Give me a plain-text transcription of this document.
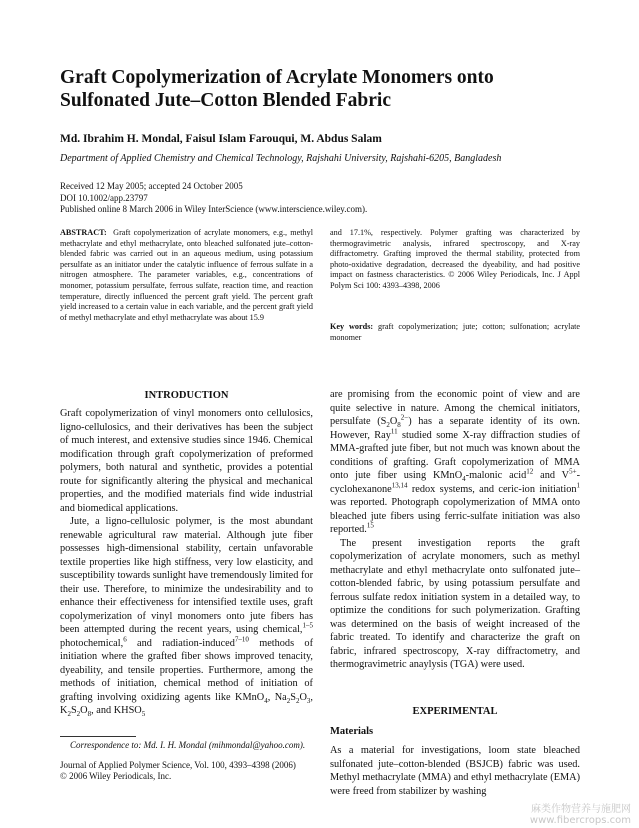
Graft Copolymerization of Acrylate Monomers onto
Sulfonated Jute–Cotton Blended Fabric
Md. Ibrahim H. Mondal, Faisul Islam Farouqui, M. Abdus Salam
Department of Applied Chemistry and Chemical Technology, Rajshahi University, Rajshahi-6205, Bangladesh
Received 12 May 2005; accepted 24 October 2005
DOI 10.1002/app.23797
Published online 8 March 2006 in Wiley InterScience (www.interscience.wiley.com).
ABSTRACT: Graft copolymerization of acrylate monomers, e.g., methyl methacrylate and ethyl methacrylate, onto bleached sulfonated jute–cotton-blended fabric was carried out in an aqueous medium, using potassium persulfate as an initiator under the catalytic influence of ferrous sulfate in a nitrogen atmosphere. The parameter variables, e.g., concentrations of monomer, potassium persulfate, ferrous sulfate, reaction time, and reaction temperature, directly influenced the percent graft yield. The percent graft yield increased to a certain value in each variable, and the percent graft yield of methyl methacrylate and ethyl methacrylate was about 15.9
and 17.1%, respectively. Polymer grafting was characterized by thermogravimetric analysis, infrared spectroscopy, and X-ray diffractometry. Grafting improved the thermal stability, protected from photo-oxidative degradation, decreased the dyeability, and had positive impact on fastness characteristics. © 2006 Wiley Periodicals, Inc. J Appl Polym Sci 100: 4393–4398, 2006
Key words: graft copolymerization; jute; cotton; sulfonation; acrylate monomer
INTRODUCTION

Graft copolymerization of vinyl monomers onto cellulosics, ligno-cellulosics, and their derivatives has been the subject of much interest, and extensive studies since 1946. Chemical modification through graft copolymerization of preformed polymers, both natural and synthetic, provides a potential route for significantly altering the physical and mechanical properties, and the modified materials find wide industrial and biomedical applications.

Jute, a ligno-cellulosic polymer, is the most abundant renewable agricultural raw material. Although jute fiber possesses high-dimensional stability, certain unfavorable textile properties like high stiffness, very low elasticity, and susceptibility towards sunlight have tremendously limited for their use. Therefore, to minimize the undesirability and to enhance their effectiveness for intensified textile uses, graft copolymerization of vinyl monomers onto jute fibers has been attempted during the recent years, using chemical,$^{1-5}$ photochemical,$^6$ and radiation-induced$^{7-10}$ methods of initiation where the grafted fiber shows improved tenacity, dyeability, and tensile properties. Furthermore, among the methods of initiation, chemical method of initiation of grafting involving oxidizing agents like KMnO$_4$, $Na_2S_2O_3$, $K_2S_2O_8$, and $KHSO_5$

Correspondence to: Md. I. H. Mondal (mihmondal@yahoo.com).
Journal of Applied Polymer Science, Vol. 100, 4393–4398 (2006)
© 2006 Wiley Periodicals, Inc.

are promising from the economic point of view and are quite selective in nature. Among the chemical initiators, persulfate $(S_2O_8^{2-})$ has a separate identity of its own. However, Ray$^{11}$ studied some X-ray diffraction studies of MMA-grafted jute fiber, but not much was known about the conditions of grafting. Graft copolymerization of MMA onto jute fiber using KMnO$_4$-malonic acid$^{12}$ and $V^{5+}-cyclohexanone^{13,14}$ redox systems, and ceric-ion initiation$^1$ was reported. Photograph copolymerization of MMA onto bleached jute fibers using ferric-sulfate initiation was also reported.$^{15}$

The present investigation reports the graft copolymerization of acrylate monomers, such as methyl methacrylate and ethyl methacrylate onto sulfonated jute–cotton-blended fabric, by using potassium persulfate and ferrous sulfate redox initiation system in a detailed way, to optimize the conditions for such polymerization. Grafting was determined on the basis of weight increased of the fabric treated. To identify and characterize the graft on fabric, infrared spectroscopy, X-ray diffractometry, and thermogravimetric anaylysis (TGA) were used.

EXPERIMENTAL
Materials
As a material for investigations, loom state bleached sulfonated jute–cotton-blended (BSJCB) fabric was used. Methyl methacrylate (MMA) and ethyl methacrylate (EMA) were freed from stabilizer by washing
麻类作物营养与施肥网
www.fibercrops.com
